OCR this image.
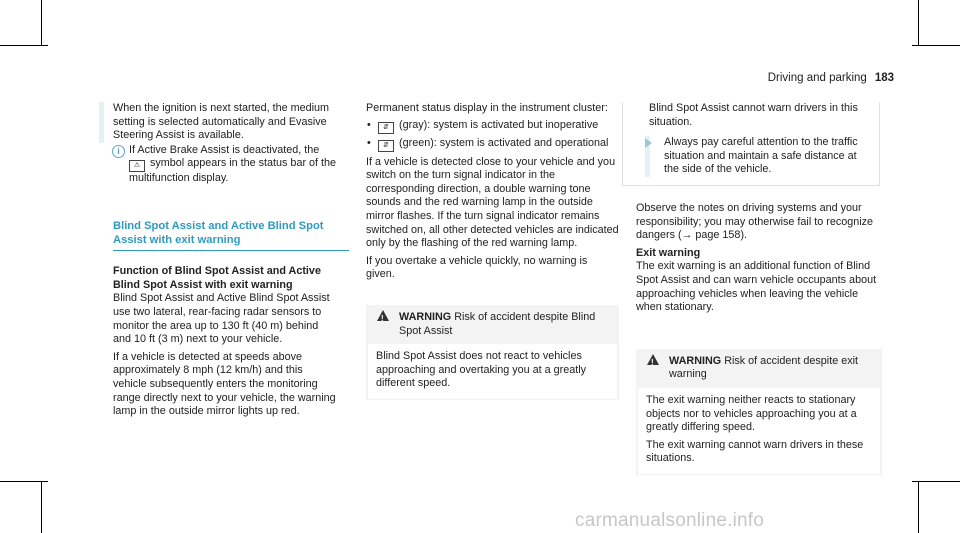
Driving and parking 183

When the ignition is next started, the medium setting is selected automatically and Evasive Steering Assist is available.

i If Active Brake Assist is deactivated, the
⚠ symbol appears in the status bar of the multifunction display.

Blind Spot Assist and Active Blind Spot
Assist with exit warning
Function of Blind Spot Assist and Active
Blind Spot Assist with exit warning

Blind Spot Assist and Active Blind Spot Assist use two lateral, rear-facing radar sensors to monitor the area up to 130 ft (40 m) behind and 10 ft (3 m) next to your vehicle.

If a vehicle is detected at speeds above approximately 8 mph (12 km/h) and this vehicle subsequently enters the monitoring range directly next to your vehicle, the warning lamp in the outside mirror lights up red.

Permanent status display in the instrument cluster:

• ⇵ (gray): system is activated but inoperative
• ⇵ (green): system is activated and operational

If a vehicle is detected close to your vehicle and you switch on the turn signal indicator in the corresponding direction, a double warning tone sounds and the red warning lamp in the outside mirror flashes. If the turn signal indicator remains switched on, all other detected vehicles are indicated only by the flashing of the red warning lamp.

If you overtake a vehicle quickly, no warning is given.

! WARNING Risk of accident despite Blind Spot Assist

Blind Spot Assist does not react to vehicles approaching and overtaking you at a greatly different speed.

Blind Spot Assist cannot warn drivers in this situation.

Always pay careful attention to the traffic situation and maintain a safe distance at the side of the vehicle.

Observe the notes on driving systems and your responsibility; you may otherwise fail to recognize dangers (→ page 158).

Exit warning

The exit warning is an additional function of Blind Spot Assist and can warn vehicle occupants about approaching vehicles when leaving the vehicle when stationary.

! WARNING Risk of accident despite exit warning

The exit warning neither reacts to stationary objects nor to vehicles approaching you at a greatly differing speed.

The exit warning cannot warn drivers in these situations.

carmanualsonline.info
